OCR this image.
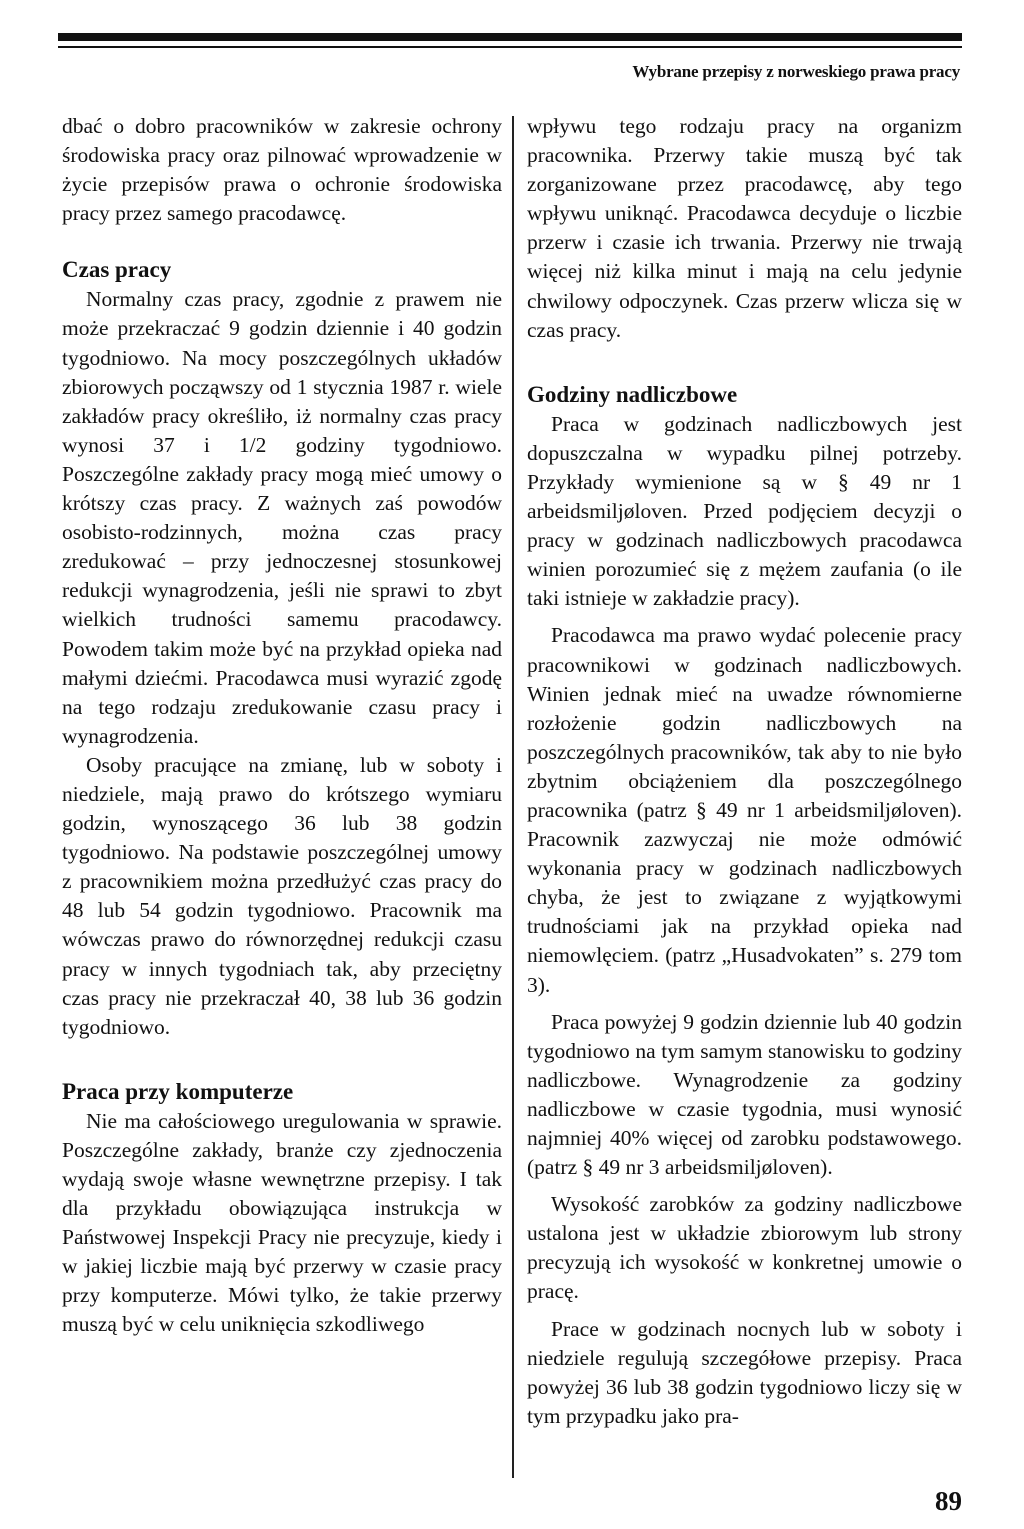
Wybrane przepisy z norweskiego prawa pracy

dbać o dobro pracowników w zakresie ochrony środowiska pracy oraz pilnować wprowadzenie w życie przepisów prawa o ochronie środowiska pracy przez samego pracodawcę.

Czas pracy

Normalny czas pracy, zgodnie z prawem nie może przekraczać 9 godzin dziennie i 40 godzin tygodniowo. Na mocy poszczególnych układów zbiorowych począwszy od 1 stycznia 1987 r. wiele zakładów pracy określiło, iż normalny czas pracy wynosi 37 i 1/2 godziny tygodniowo. Poszczególne zakłady pracy mogą mieć umowy o krótszy czas pracy. Z ważnych zaś powodów osobisto-rodzinnych, można czas pracy zredukować – przy jednoczesnej stosunkowej redukcji wynagrodzenia, jeśli nie sprawi to zbyt wielkich trudności samemu pracodawcy. Powodem takim może być na przykład opieka nad małymi dziećmi. Pracodawca musi wyrazić zgodę na tego rodzaju zredukowanie czasu pracy i wynagrodzenia.

Osoby pracujące na zmianę, lub w soboty i niedziele, mają prawo do krótszego wymiaru godzin, wynoszącego 36 lub 38 godzin tygodniowo. Na podstawie poszczególnej umowy z pracownikiem można przedłużyć czas pracy do 48 lub 54 godzin tygodniowo. Pracownik ma wówczas prawo do równorzędnej redukcji czasu pracy w innych tygodniach tak, aby przeciętny czas pracy nie przekraczał 40, 38 lub 36 godzin tygodniowo.

Praca przy komputerze

Nie ma całościowego uregulowania w sprawie. Poszczególne zakłady, branże czy zjednoczenia wydają swoje własne wewnętrzne przepisy. I tak dla przykładu obowiązująca instrukcja w Państwowej Inspekcji Pracy nie precyzuje, kiedy i w jakiej liczbie mają być przerwy w czasie pracy przy komputerze. Mówi tylko, że takie przerwy muszą być w celu uniknięcia szkodliwego

wpływu tego rodzaju pracy na organizm pracownika. Przerwy takie muszą być tak zorganizowane przez pracodawcę, aby tego wpływu uniknąć. Pracodawca decyduje o liczbie przerw i czasie ich trwania. Przerwy nie trwają więcej niż kilka minut i mają na celu jedynie chwilowy odpoczynek. Czas przerw wlicza się w czas pracy.

Godziny nadliczbowe

Praca w godzinach nadliczbowych jest dopuszczalna w wypadku pilnej potrzeby. Przykłady wymienione są w § 49 nr 1 arbeidsmiljøloven. Przed podjęciem decyzji o pracy w godzinach nadliczbowych pracodawca winien porozumieć się z mężem zaufania (o ile taki istnieje w zakładzie pracy).

Pracodawca ma prawo wydać polecenie pracy pracownikowi w godzinach nadliczbowych. Winien jednak mieć na uwadze równomierne rozłożenie godzin nadliczbowych na poszczególnych pracowników, tak aby to nie było zbytnim obciążeniem dla poszczególnego pracownika (patrz § 49 nr 1 arbeidsmiljøloven). Pracownik zazwyczaj nie może odmówić wykonania pracy w godzinach nadliczbowych chyba, że jest to związane z wyjątkowymi trudnościami jak na przykład opieka nad niemowlęciem. (patrz „Husadvokaten” s. 279 tom 3).

Praca powyżej 9 godzin dziennie lub 40 godzin tygodniowo na tym samym stanowisku to godziny nadliczbowe. Wynagrodzenie za godziny nadliczbowe w czasie tygodnia, musi wynosić najmniej 40% więcej od zarobku podstawowego. (patrz § 49 nr 3 arbeidsmiljøloven).

Wysokość zarobków za godziny nadliczbowe ustalona jest w układzie zbiorowym lub strony precyzują ich wysokość w konkretnej umowie o pracę.

Prace w godzinach nocnych lub w soboty i niedziele regulują szczegółowe przepisy. Praca powyżej 36 lub 38 godzin tygodniowo liczy się w tym przypadku jako pra-

89
